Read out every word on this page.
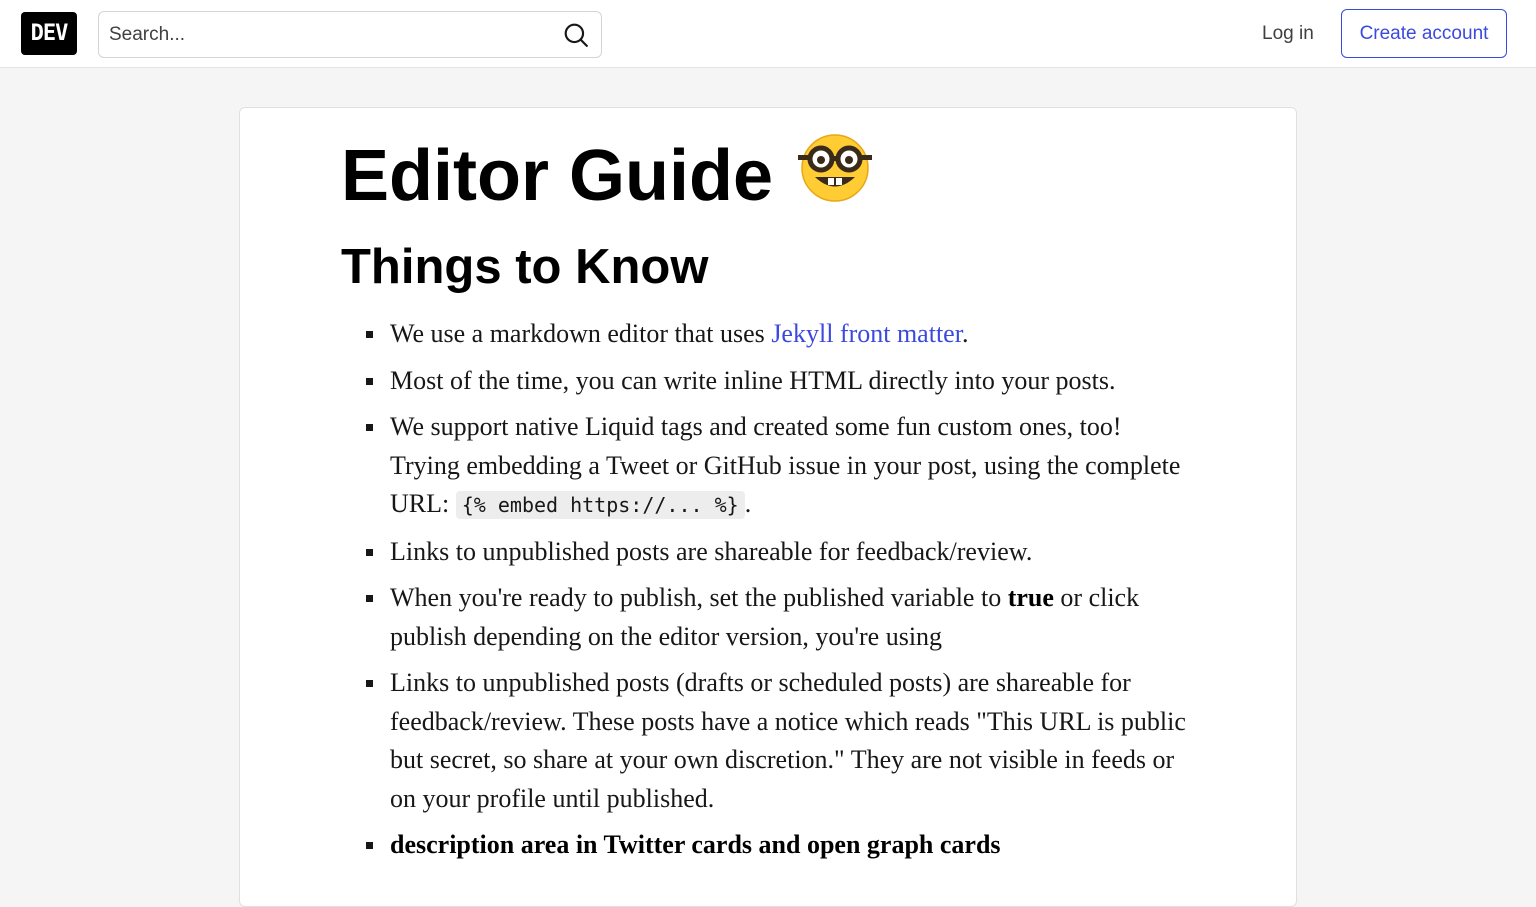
DEV
Search...	Log in	Create account
Editor Guide
Things to Know
We use a markdown editor that uses Jekyll front matter.
Most of the time, you can write inline HTML directly into your posts.
We support native Liquid tags and created some fun custom ones, too! Trying embedding a Tweet or GitHub issue in your post, using the complete URL: {% embed https://... %} .
Links to unpublished posts are shareable for feedback/review.
When you're ready to publish, set the published variable to true or click publish depending on the editor version, you're using
Links to unpublished posts (drafts or scheduled posts) are shareable for feedback/review. These posts have a notice which reads "This URL is public but secret, so share at your own discretion." They are not visible in feeds or on your profile until published.
description area in Twitter cards and open graph cards
